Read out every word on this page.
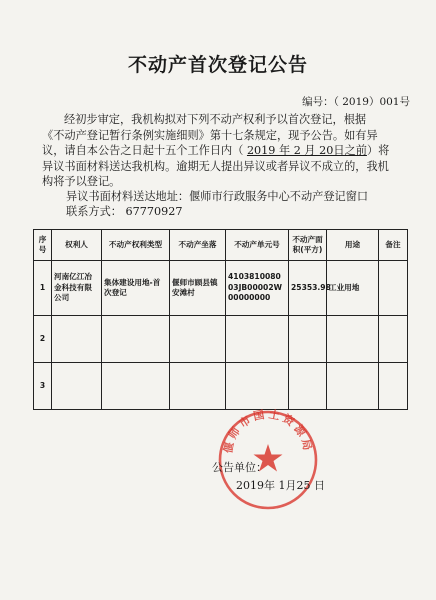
不动产首次登记公告
编号：（ 2019）001号
经初步审定，我机构拟对下列不动产权利予以首次登记，根据
《不动产登记暂行条例实施细则》第十七条规定，现予公告。如有异
议，请自本公告之日起十五个工作日内（ 2019 年 2 月 20日之前）将
异议书面材料送达我机构。逾期无人提出异议或者异议不成立的，我机
构将予以登记。
异议书面材料送达地址：偃师市行政服务中心不动产登记窗口
联系方式： 67770927
序号	权利人	不动产权利类型	不动产坐落	不动产单元号	不动产面积(平方)	用途	备注
1	河南亿江冶金科技有限公司	集体建设用地-首次登记	偃师市顾县镇安滩村	410381008003JB00002W00000000	25353.98	工业用地	
2							
3							
偃师市国土资源局
公告单位：
2019年 1月25 日
